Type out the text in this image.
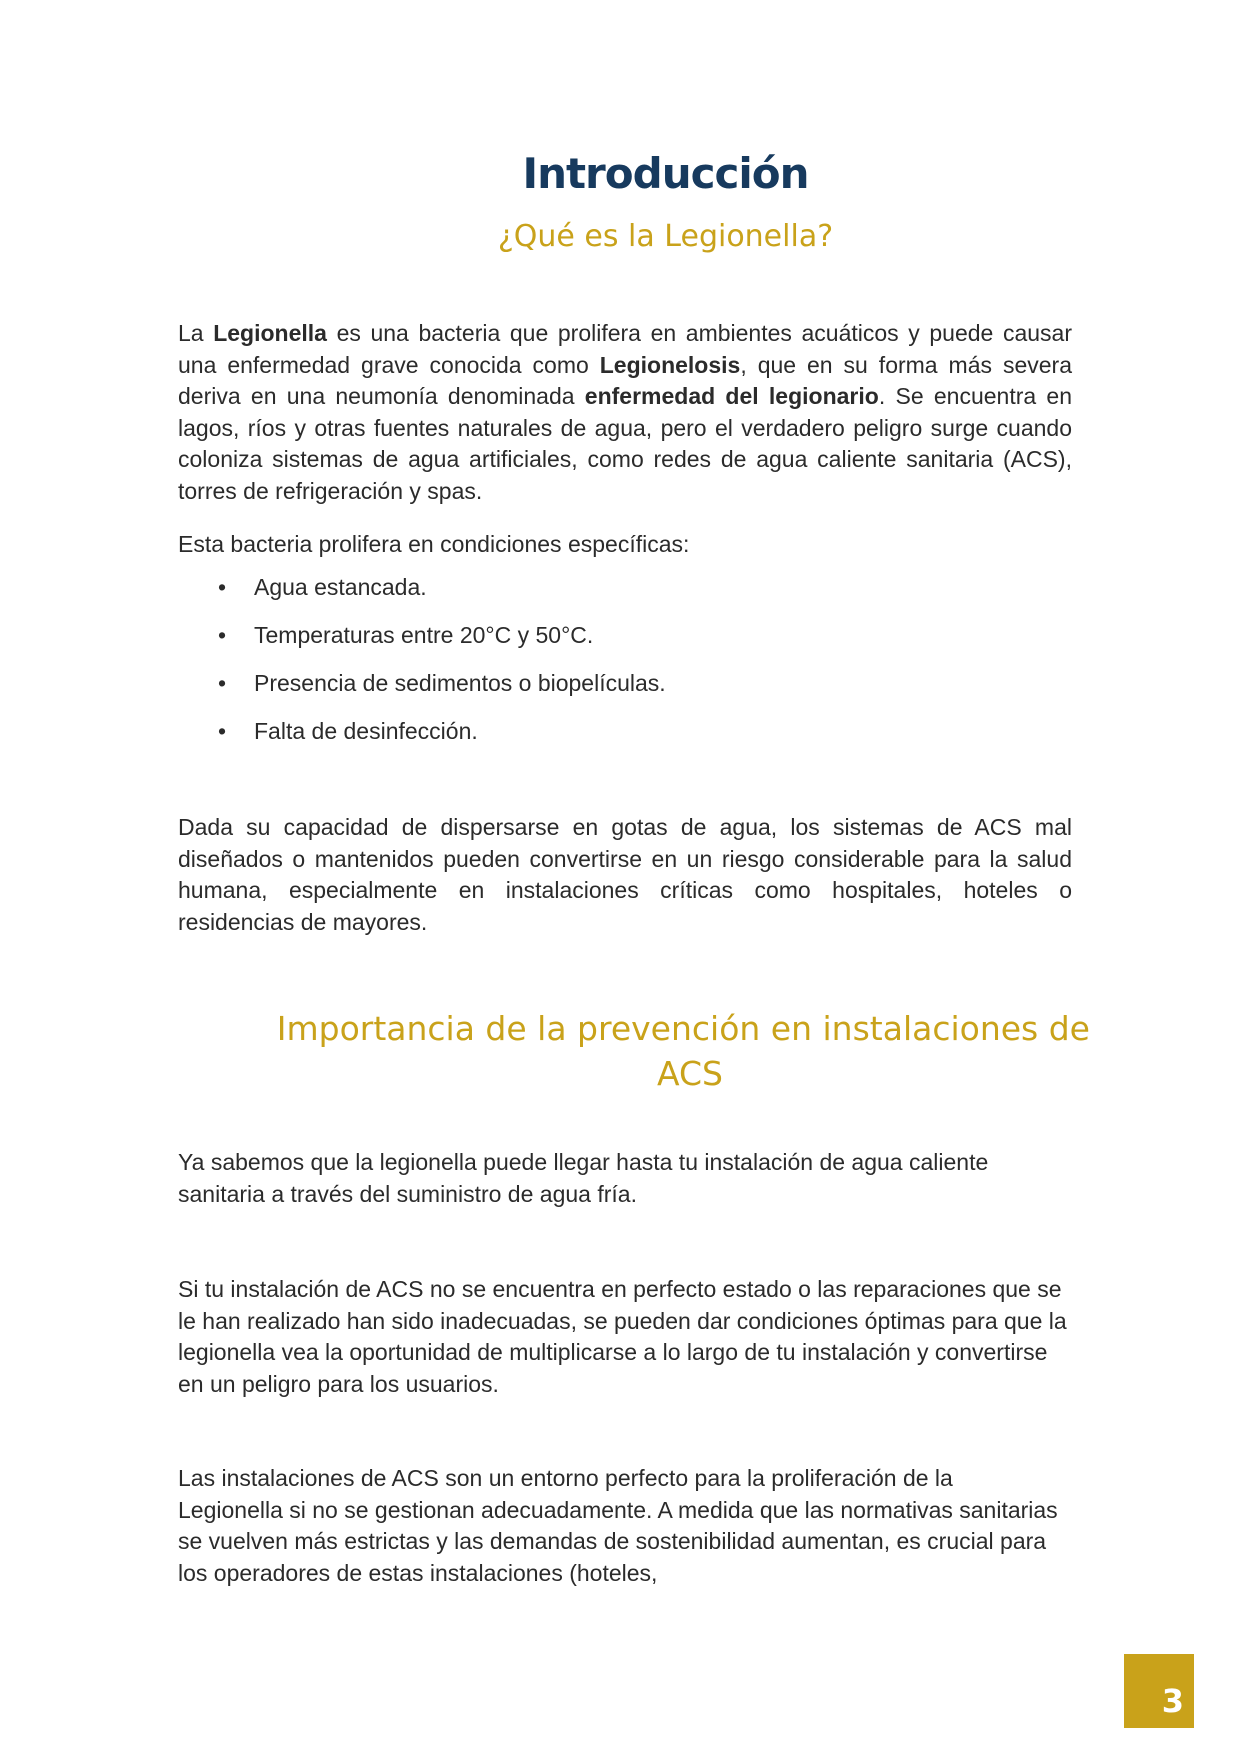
Introducción
¿Qué es la Legionella?

La Legionella es una bacteria que prolifera en ambientes acuáticos y puede causar una enfermedad grave conocida como Legionelosis, que en su forma más severa deriva en una neumonía denominada enfermedad del legionario. Se encuentra en lagos, ríos y otras fuentes naturales de agua, pero el verdadero peligro surge cuando coloniza sistemas de agua artificiales, como redes de agua caliente sanitaria (ACS), torres de refrigeración y spas.

Esta bacteria prolifera en condiciones específicas:

• Agua estancada.
• Temperaturas entre 20°C y 50°C.
• Presencia de sedimentos o biopelículas.
• Falta de desinfección.

Dada su capacidad de dispersarse en gotas de agua, los sistemas de ACS mal diseñados o mantenidos pueden convertirse en un riesgo considerable para la salud humana, especialmente en instalaciones críticas como hospitales, hoteles o residencias de mayores.

Importancia de la prevención en instalaciones de
ACS

Ya sabemos que la legionella puede llegar hasta tu instalación de agua caliente sanitaria a través del suministro de agua fría.

Si tu instalación de ACS no se encuentra en perfecto estado o las reparaciones que se le han realizado han sido inadecuadas, se pueden dar condiciones óptimas para que la legionella vea la oportunidad de multiplicarse a lo largo de tu instalación y convertirse en un peligro para los usuarios.

Las instalaciones de ACS son un entorno perfecto para la proliferación de la Legionella si no se gestionan adecuadamente. A medida que las normativas sanitarias se vuelven más estrictas y las demandas de sostenibilidad aumentan, es crucial para los operadores de estas instalaciones (hoteles,

3
